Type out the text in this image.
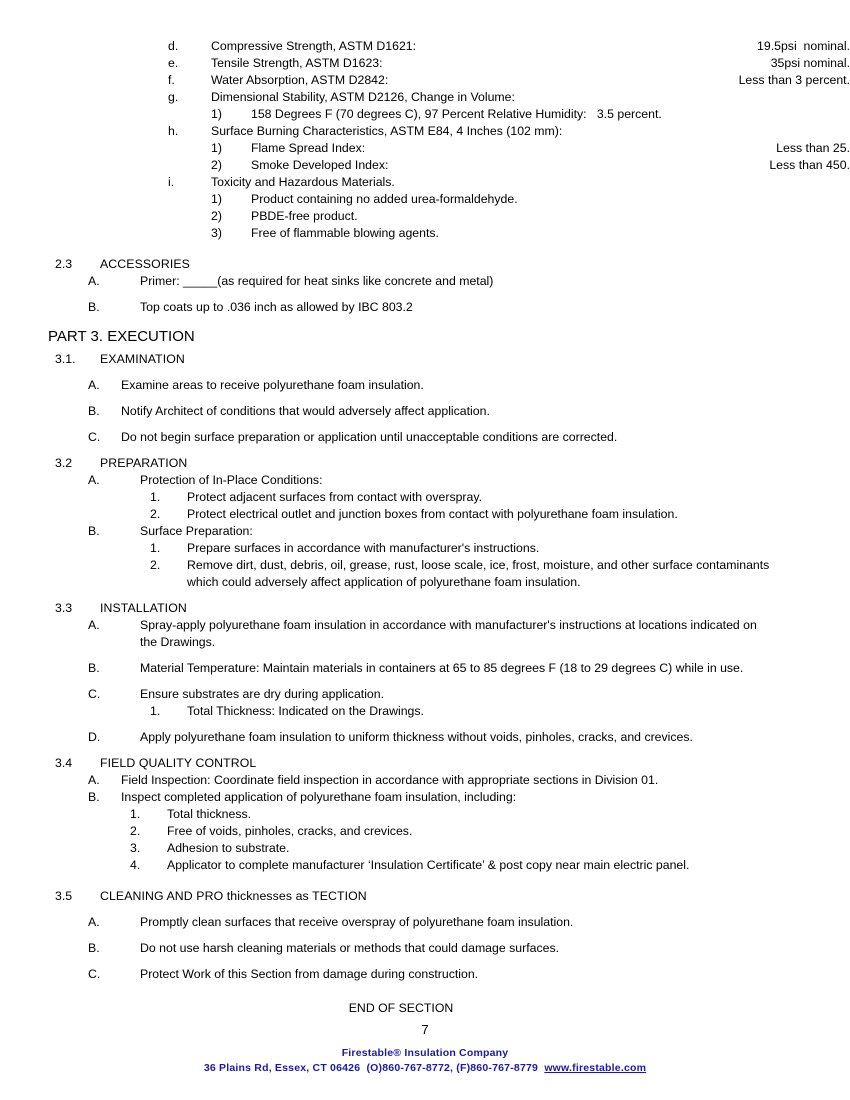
d.	Compressive Strength, ASTM D1621:	19.5psi  nominal.
e.	Tensile Strength, ASTM D1623:	35psi nominal.
f.	Water Absorption, ASTM D2842:	Less than 3 percent.
g.	Dimensional Stability, ASTM D2126, Change in Volume:
1)	158 Degrees F (70 degrees C), 97 Percent Relative Humidity:   3.5 percent.
h.	Surface Burning Characteristics, ASTM E84, 4 Inches (102 mm):
1)	Flame Spread Index:	Less than 25.
2)	Smoke Developed Index:	Less than 450.
i.	Toxicity and Hazardous Materials.
1)	Product containing no added urea-formaldehyde.
2)	PBDE-free product.
3)	Free of flammable blowing agents.
2.3	ACCESSORIES
A.	Primer: _____(as required for heat sinks like concrete and metal)
B.	Top coats up to .036 inch as allowed by IBC 803.2
PART 3. EXECUTION
3.1.	EXAMINATION
A.	Examine areas to receive polyurethane foam insulation.
B.	Notify Architect of conditions that would adversely affect application.
C.	Do not begin surface preparation or application until unacceptable conditions are corrected.
3.2	PREPARATION
A.	Protection of In-Place Conditions:
1.	Protect adjacent surfaces from contact with overspray.
2.	Protect electrical outlet and junction boxes from contact with polyurethane foam insulation.
B.	Surface Preparation:
1.	Prepare surfaces in accordance with manufacturer's instructions.
2.	Remove dirt, dust, debris, oil, grease, rust, loose scale, ice, frost, moisture, and other surface contaminants
which could adversely affect application of polyurethane foam insulation.
3.3	INSTALLATION
A.	Spray-apply polyurethane foam insulation in accordance with manufacturer's instructions at locations indicated on
the Drawings.
B.	Material Temperature: Maintain materials in containers at 65 to 85 degrees F (18 to 29 degrees C) while in use.
C.	Ensure substrates are dry during application.
1.	Total Thickness: Indicated on the Drawings.
D.	Apply polyurethane foam insulation to uniform thickness without voids, pinholes, cracks, and crevices.
3.4	FIELD QUALITY CONTROL
A.	Field Inspection: Coordinate field inspection in accordance with appropriate sections in Division 01.
B.	Inspect completed application of polyurethane foam insulation, including:
1.	Total thickness.
2.	Free of voids, pinholes, cracks, and crevices.
3.	Adhesion to substrate.
4.	Applicator to complete manufacturer ‘Insulation Certificate’ & post copy near main electric panel.
3.5	CLEANING AND PRO thicknesses as TECTION
A.	Promptly clean surfaces that receive overspray of polyurethane foam insulation.
B.	Do not use harsh cleaning materials or methods that could damage surfaces.
C.	Protect Work of this Section from damage during construction.
END OF SECTION
7
Firestable® Insulation Company
36 Plains Rd, Essex, CT 06426  (O)860-767-8772, (F)860-767-8779 www.firestable.com
